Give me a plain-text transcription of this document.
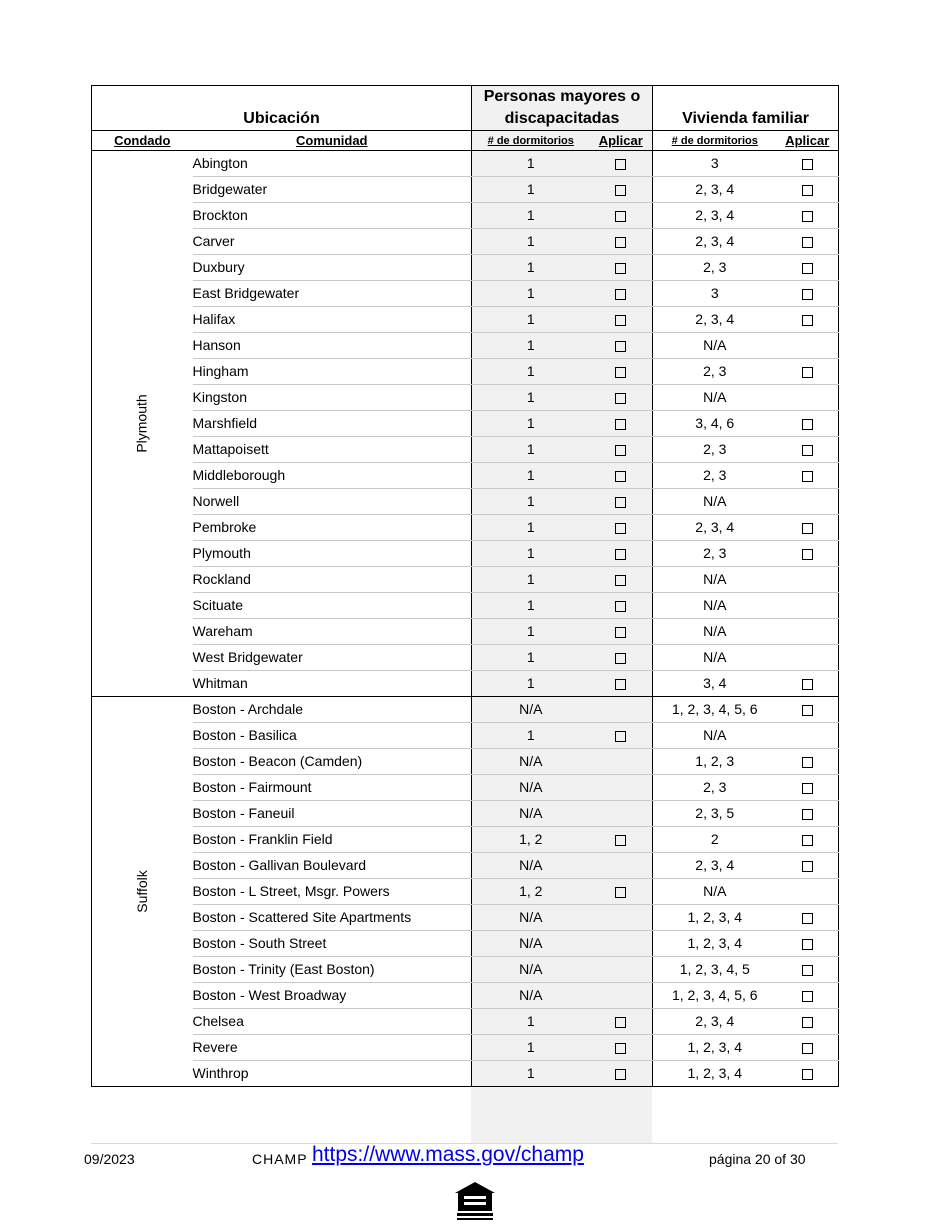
Ubicación		Personas mayores o discapacitadas		Vivienda familiar	
Condado	Comunidad	# de dormitorios	Aplicar	# de dormitorios	Aplicar
Plymouth	Abington	1		3	
	Bridgewater	1		2, 3, 4	
	Brockton	1		2, 3, 4	
	Carver	1		2, 3, 4	
	Duxbury	1		2, 3	
	East Bridgewater	1		3	
	Halifax	1		2, 3, 4	
	Hanson	1		N/A	
	Hingham	1		2, 3	
	Kingston	1		N/A	
	Marshfield	1		3, 4, 6	
	Mattapoisett	1		2, 3	
	Middleborough	1		2, 3	
	Norwell	1		N/A	
	Pembroke	1		2, 3, 4	
	Plymouth	1		2, 3	
	Rockland	1		N/A	
	Scituate	1		N/A	
	Wareham	1		N/A	
	West Bridgewater	1		N/A	
	Whitman	1		3, 4	
Suffolk	Boston - Archdale	N/A		1, 2, 3, 4, 5, 6	
	Boston - Basilica	1		N/A	
	Boston - Beacon (Camden)	N/A		1, 2, 3	
	Boston - Fairmount	N/A		2, 3	
	Boston - Faneuil	N/A		2, 3, 5	
	Boston - Franklin Field	1, 2		2	
	Boston - Gallivan Boulevard	N/A		2, 3, 4	
	Boston - L Street, Msgr. Powers	1, 2		N/A	
	Boston - Scattered Site Apartments	N/A		1, 2, 3, 4	
	Boston - South Street	N/A		1, 2, 3, 4	
	Boston - Trinity (East Boston)	N/A		1, 2, 3, 4, 5	
	Boston - West Broadway	N/A		1, 2, 3, 4, 5, 6	
	Chelsea	1		2, 3, 4	
	Revere	1		1, 2, 3, 4	
	Winthrop	1		1, 2, 3, 4	
09/2023	CHAMP https://www.mass.gov/champ	página 20 of 30
